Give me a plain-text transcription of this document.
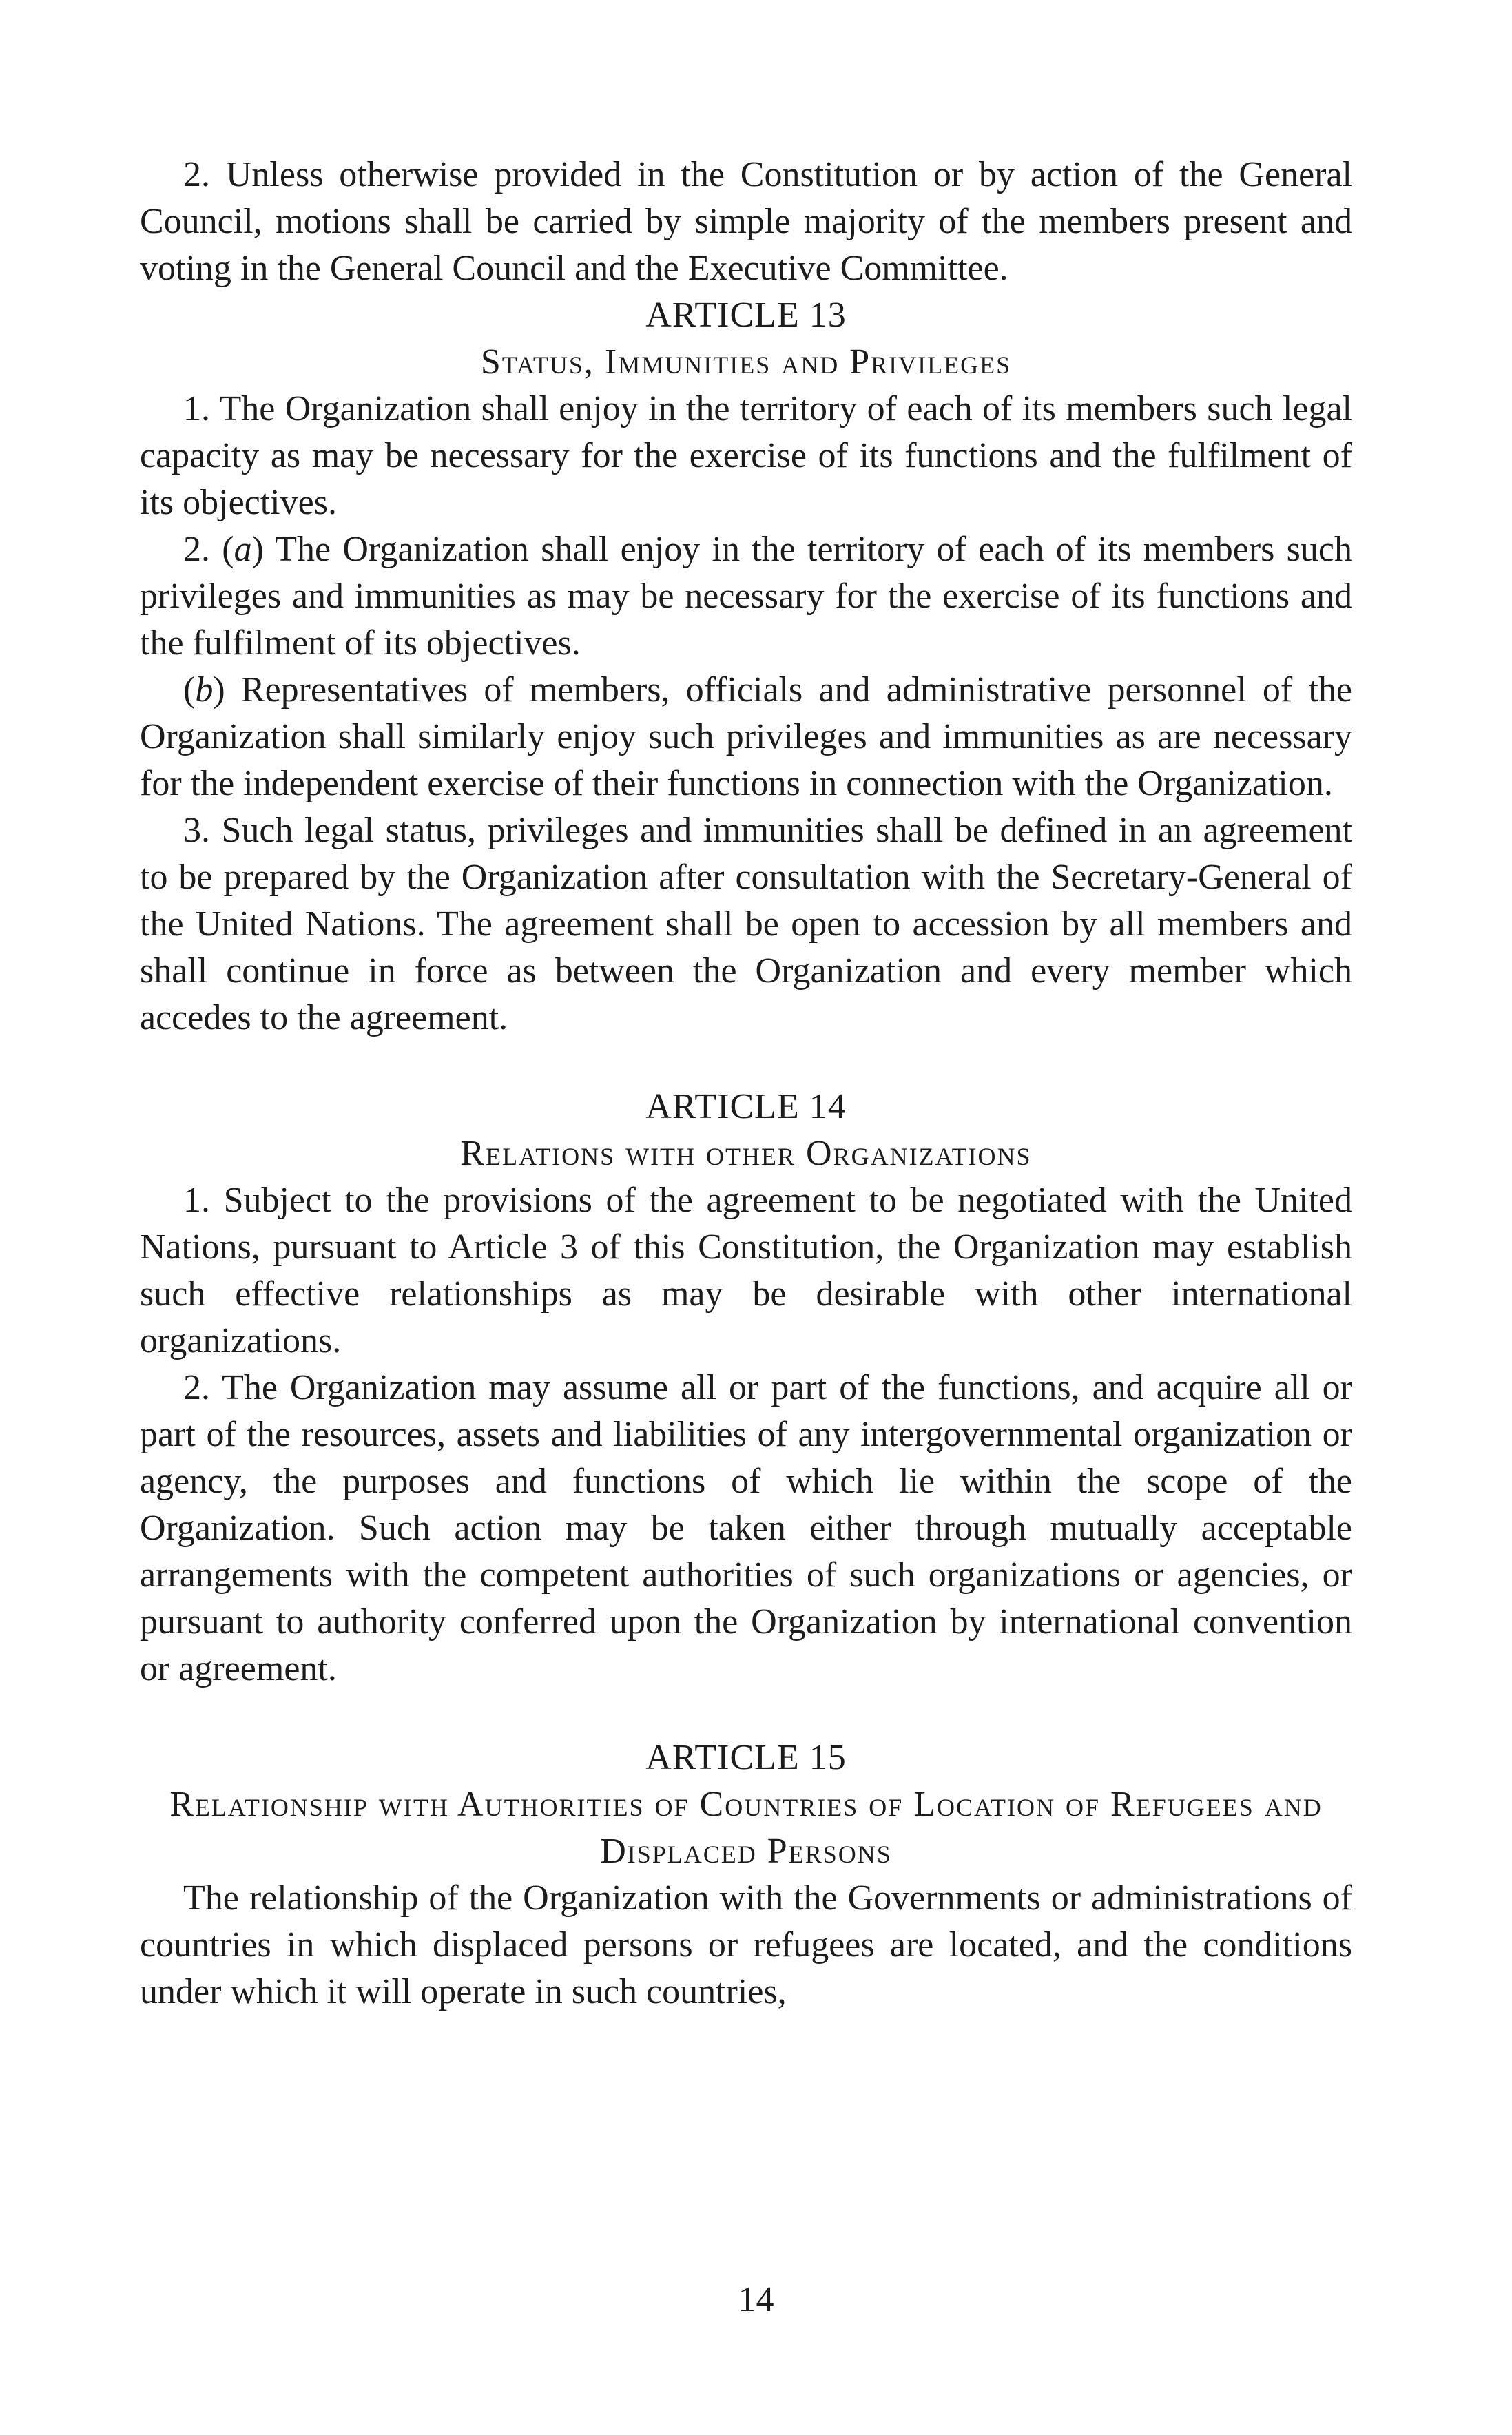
2. Unless otherwise provided in the Constitution or by action of the General Council, motions shall be carried by simple majority of the members present and voting in the General Council and the Executive Committee.

ARTICLE 13
Status, Immunities and Privileges

1. The Organization shall enjoy in the territory of each of its members such legal capacity as may be necessary for the exercise of its functions and the fulfilment of its objectives.

2. (a) The Organization shall enjoy in the territory of each of its members such privileges and immunities as may be necessary for the exercise of its functions and the fulfilment of its objectives.

(b) Representatives of members, officials and administrative personnel of the Organization shall similarly enjoy such privileges and immunities as are necessary for the independent exercise of their functions in connection with the Organization.

3. Such legal status, privileges and immunities shall be defined in an agreement to be prepared by the Organization after consultation with the Secretary-General of the United Nations. The agreement shall be open to accession by all members and shall continue in force as between the Organization and every member which accedes to the agreement.

ARTICLE 14
Relations with other Organizations

1. Subject to the provisions of the agreement to be negotiated with the United Nations, pursuant to Article 3 of this Constitution, the Organization may establish such effective relationships as may be desirable with other international organizations.

2. The Organization may assume all or part of the functions, and acquire all or part of the resources, assets and liabilities of any intergovernmental organization or agency, the purposes and functions of which lie within the scope of the Organization. Such action may be taken either through mutually acceptable arrangements with the competent authorities of such organizations or agencies, or pursuant to authority conferred upon the Organization by international convention or agreement.

ARTICLE 15
Relationship with Authorities of Countries of Location of Refugees and Displaced Persons

The relationship of the Organization with the Governments or administrations of countries in which displaced persons or refugees are located, and the conditions under which it will operate in such countries,

14
